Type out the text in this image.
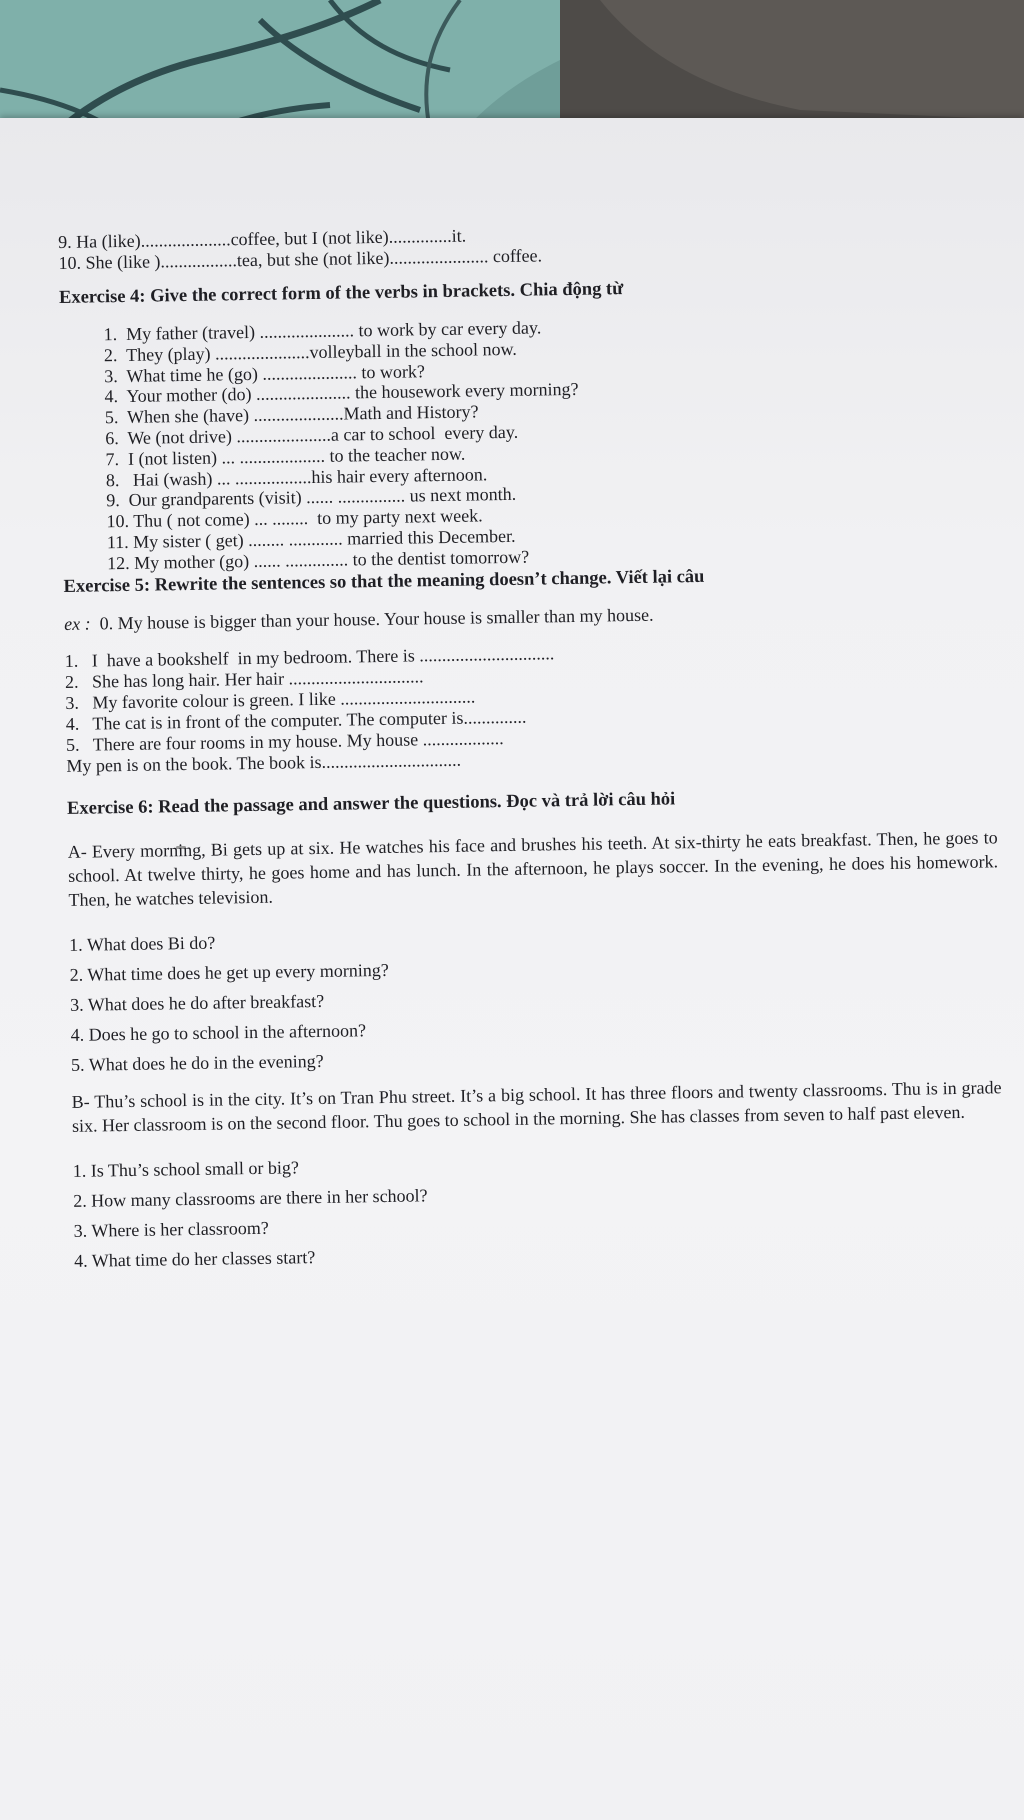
9. Ha (like)....................coffee, but I (not like)..............it.
10. She (like ).................tea, but she (not like)...................... coffee.
Exercise 4: Give the correct form of the verbs in brackets. Chia động từ
1.  My father (travel) ..................... to work by car every day.
2.  They (play) .....................volleyball in the school now.
3.  What time he (go) ..................... to work?
4.  Your mother (do) ..................... the housework every morning?
5.  When she (have) ....................Math and History?
6.  We (not drive) .....................a car to school  every day.
7.  I (not listen) ... ................... to the teacher now.
8.   Hai (wash) ... .................his hair every afternoon.
9.  Our grandparents (visit) ...... ............... us next month.
10. Thu ( not come) ... ........  to my party next week.
11. My sister ( get) ........ ............ married this December.
12. My mother (go) ...... .............. to the dentist tomorrow?
Exercise 5: Rewrite the sentences so that the meaning doesn’t change. Viết lại câu
ex :  0. My house is bigger than your house. Your house is smaller than my house.
1.   I  have a bookshelf  in my bedroom. There is ..............................
2.   She has long hair. Her hair ..............................
3.   My favorite colour is green. I like ..............................
4.   The cat is in front of the computer. The computer is..............
5.   There are four rooms in my house. My house ..................
My pen is on the book. The book is...............................
Exercise 6: Read the passage and answer the questions. Đọc và trả lời câu hỏi
A- Every morning, Bi gets up at six. He watches his face and brushes his teeth. At six-thirty he eats breakfast. Then, he goes to school. At twelve thirty, he goes home and has lunch. In the afternoon, he plays soccer. In the evening, he does his homework. Then, he watches television.
1. What does Bi do?
2. What time does he get up every morning?
3. What does he do after breakfast?
4. Does he go to school in the afternoon?
5. What does he do in the evening?
B- Thu’s school is in the city. It’s on Tran Phu street. It’s a big school. It has three floors and twenty classrooms. Thu is in grade six. Her classroom is on the second floor. Thu goes to school in the morning. She has classes from seven to half past eleven.
1. Is Thu’s school small or big?
2. How many classrooms are there in her school?
3. Where is her classroom?
4. What time do her classes start?
